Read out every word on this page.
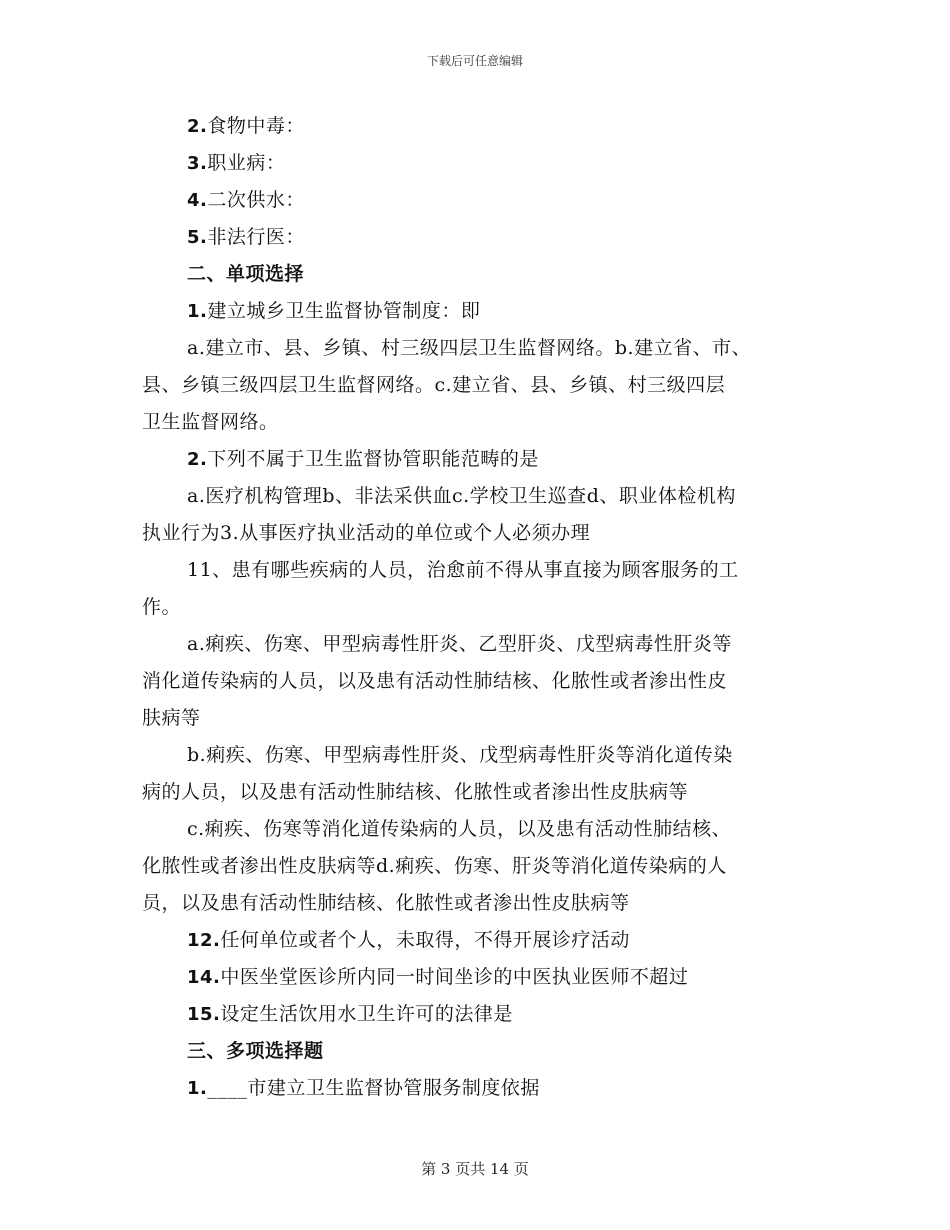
下载后可任意编辑
2.食物中毒：
3.职业病：
4.二次供水：
5.非法行医：
二、单项选择
1.建立城乡卫生监督协管制度：即
a.建立市、县、乡镇、村三级四层卫生监督网络。b.建立省、市、
县、乡镇三级四层卫生监督网络。c.建立省、县、乡镇、村三级四层
卫生监督网络。
2.下列不属于卫生监督协管职能范畴的是
a.医疗机构管理b、非法采供血c.学校卫生巡查d、职业体检机构
执业行为3.从事医疗执业活动的单位或个人必须办理
11、患有哪些疾病的人员，治愈前不得从事直接为顾客服务的工
作。
a.痢疾、伤寒、甲型病毒性肝炎、乙型肝炎、戊型病毒性肝炎等
消化道传染病的人员，以及患有活动性肺结核、化脓性或者渗出性皮
肤病等
b.痢疾、伤寒、甲型病毒性肝炎、戊型病毒性肝炎等消化道传染
病的人员，以及患有活动性肺结核、化脓性或者渗出性皮肤病等
c.痢疾、伤寒等消化道传染病的人员，以及患有活动性肺结核、
化脓性或者渗出性皮肤病等d.痢疾、伤寒、肝炎等消化道传染病的人
员，以及患有活动性肺结核、化脓性或者渗出性皮肤病等
12.任何单位或者个人，未取得，不得开展诊疗活动
14.中医坐堂医诊所内同一时间坐诊的中医执业医师不超过
15.设定生活饮用水卫生许可的法律是
三、多项选择题
1.____市建立卫生监督协管服务制度依据
第 3 页共 14 页
